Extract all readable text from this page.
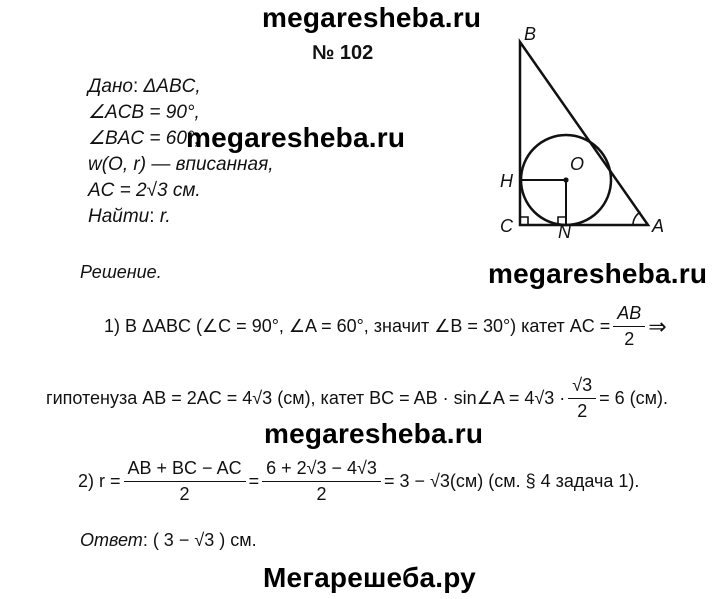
megaresheba.ru
megaresheba.ru
megaresheba.ru
megaresheba.ru
Мегарешеба.ру
№ 102
Дано: ΔABC,
∠ACB = 90°,
∠BAC = 60°,
w(O, r) — вписанная,
AC = 2√3 см.
Найти: r.
B
O
H
C	N	A
Решение.
1) В ΔABC (∠C = 90°, ∠A = 60°, значит ∠B = 30°) катет AC = $\frac{AB}{2}$ ⇒
гипотенуза AB = 2AC = 4√3 (см), катет BC = AB · sin∠A = $4√3 \cdot \frac{√3}{2} = 6$ (см).
2) $r = \frac{AB + BC - AC}{2} = \frac{6 + 2√3 - 4√3}{2} = 3 - √3(см)$ (см. § 4 задача 1).
Ответ: ( 3 − √3 ) см.
